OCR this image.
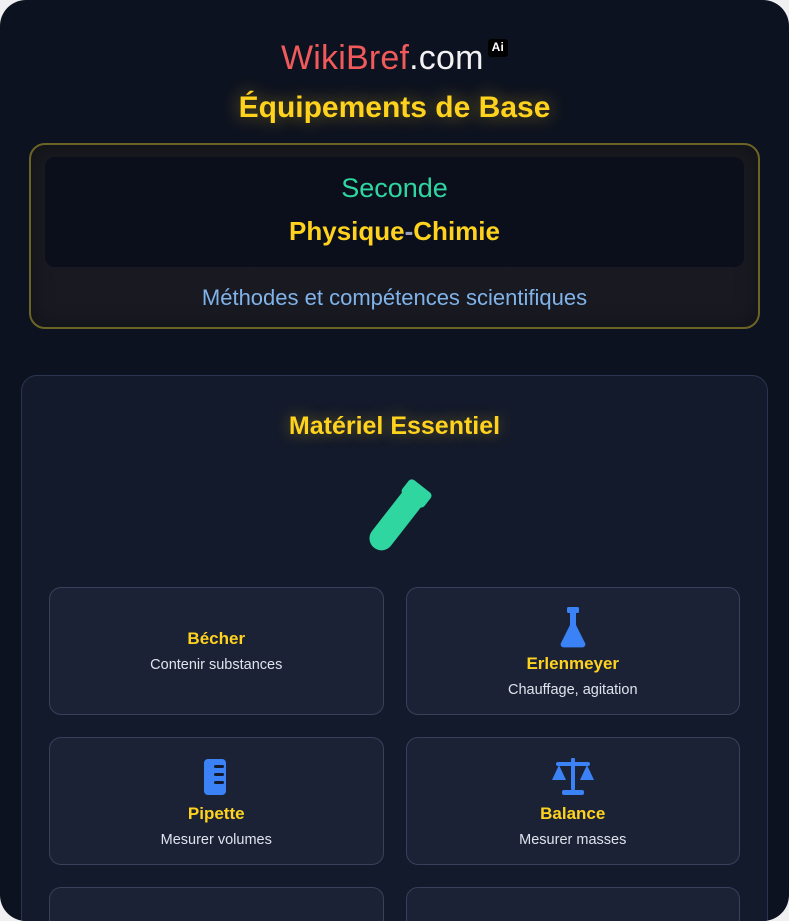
WikiBref.com Ai
Équipements de Base
Seconde
Physique-Chimie
Méthodes et compétences scientifiques
Matériel Essentiel
Bécher
Contenir substances	Erlenmeyer
Chauffage, agitation
Pipette
Mesurer volumes
Balance
Mesurer masses
